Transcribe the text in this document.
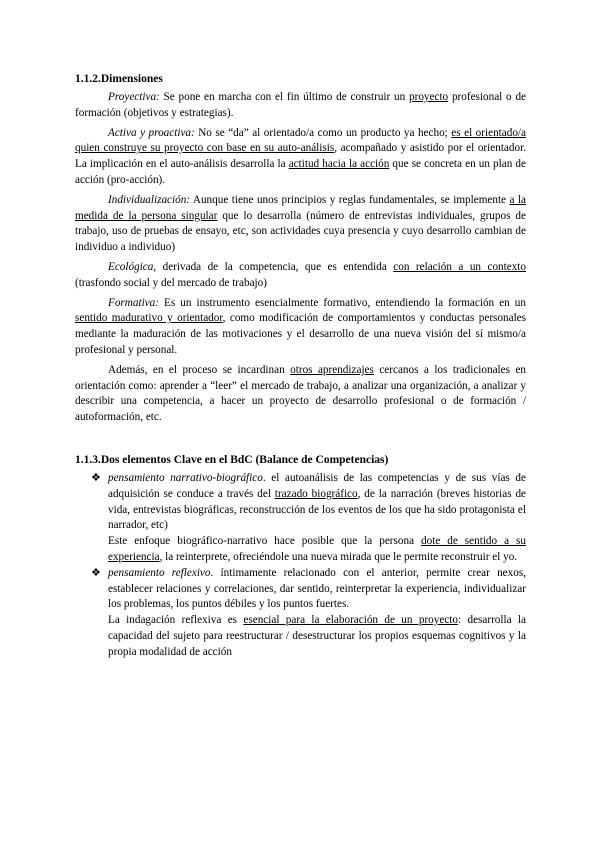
1.1.2.Dimensiones

Proyectiva: Se pone en marcha con el fin último de construir un proyecto profesional o de formación (objetivos y estrategias).

Activa y proactiva: No se “da” al orientado/a como un producto ya hecho; es el orientado/a quien construye su proyecto con base en su auto-análisis, acompañado y asistido por el orientador. La implicación en el auto-análisis desarrolla la actitud hacia la acción que se concreta en un plan de acción (pro-acción).

Individualización: Aunque tiene unos principios y reglas fundamentales, se implemente a la medida de la persona singular que lo desarrolla (número de entrevistas individuales, grupos de trabajo, uso de pruebas de ensayo, etc, son actividades cuya presencia y cuyo desarrollo cambian de individuo a individuo)

Ecológica, derivada de la competencia, que es entendida con relación a un contexto (trasfondo social y del mercado de trabajo)

Formativa: Es un instrumento esencialmente formativo, entendiendo la formación en un sentido madurativo y orientador, como modificación de comportamientos y conductas personales mediante la maduración de las motivaciones y el desarrollo de una nueva visión del sí mismo/a profesional y personal.

Además, en el proceso se incardinan otros aprendizajes cercanos a los tradicionales en orientación como: aprender a “leer” el mercado de trabajo, a analizar una organización, a analizar y describir una competencia, a hacer un proyecto de desarrollo profesional o de formación / autoformación, etc.

1.1.3.Dos elementos Clave en el BdC (Balance de Competencias)
❖ pensamiento narrativo-biográfico. el autoanálisis de las competencias y de sus vías de adquisición se conduce a través del trazado biográfico, de la narración (breves historias de vida, entrevistas biográficas, reconstrucción de los eventos de los que ha sido protagonista el narrador, etc)

Este enfoque biográfico-narrativo hace posible que la persona dote de sentido a su experiencia, la reinterprete, ofreciéndole una nueva mirada que le permite reconstruir el yo.

❖ pensamiento reflexivo. íntimamente relacionado con el anterior, permite crear nexos, establecer relaciones y correlaciones, dar sentido, reinterpretar la experiencia, individualizar los problemas, los puntos débiles y los puntos fuertes.

La indagación reflexiva es esencial para la elaboración de un proyecto: desarrolla la capacidad del sujeto para reestructurar / desestructurar los propios esquemas cognitivos y la propia modalidad de acción
